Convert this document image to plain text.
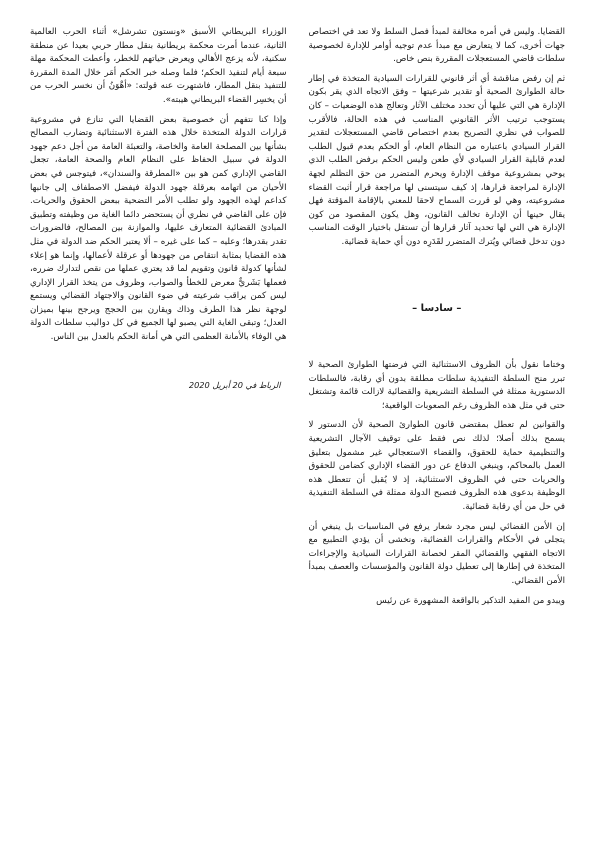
القضايا. وليس في أمره مخالفة لمبدأ فصل السلط ولا تعد في اختصاص جهات أخرى، كما لا يتعارض مع مبدأ عدم توجيه أوامر للإدارة لخصوصية سلطات قاضي المستعجلات المقررة بنص خاص.

ثم إن رفض مناقشة أي أثر قانوني للقرارات السيادية المتخذة في إطار حالة الطوارئ الصحية أو تقدير شرعيتها – وفق الاتجاه الذي يقر بكون الإدارة هي التي عليها أن تحدد مختلف الآثار وتعالج هذه الوضعيات – كان يستوجب ترتيب الأثر القانوني المناسب في هذه الحالة، فالأقرب للصواب في نظري التصريح بعدم اختصاص قاضي المستعجلات لتقدير القرار السيادي باعتباره من النظام العام، أو الحكم بعدم قبول الطلب لعدم قابلية القرار السيادي لأي طعن وليس الحكم برفض الطلب الذي يوحي بمشروعية موقف الإدارة ويحرم المتضرر من حق التظلم لجهة الإدارة لمراجعة قرارها، إذ كيف سيتسنى لها مراجعة قرار أثبت القضاء مشروعيته، وهي لو قررت السماح لاحقا للمعني بالإقامة المؤقتة فهل يقال حينها أن الإدارة تخالف القانون، وهل يكون المقصود من كون الإدارة هي التي لها تحديد آثار قرارها أن تستقل باختيار الوقت المناسب دون تدخل قضائي ويُترك المتضرر لقَدَرِه دون أي حماية قضائية.

– سادسا –

وختاما نقول بأن الظروف الاستثنائية التي فرضتها الطوارئ الصحية لا تبرر منح السلطة التنفيذية سلطات مطلقة بدون أي رقابة، فالسلطات الدستورية ممثلة في السلطة التشريعية والقضائية لازالت قائمة وتشتغل حتى في مثل هذه الظروف رغم الصعوبات الواقعية؛

والقوانين لم تعطل بمقتضى قانون الطوارئ الصحية لأن الدستور لا يسمح بذلك أصلا؛ لذلك نص فقط على توقيف الآجال التشريعية والتنظيمية حماية للحقوق، والقضاء الاستعجالي غير مشمول بتعليق العمل بالمحاكم، وينبغي الدفاع عن دور القضاء الإداري كضامن للحقوق والحريات حتى في الظروف الاستثنائية، إذ لا يُقبل أن تتعطل هذه الوظيفة بدعوى هذه الظروف فتصبح الدولة ممثلة في السلطة التنفيذية في حل من أي رقابة قضائية.

إن الأمن القضائي ليس مجرد شعار يرفع في المناسبات بل ينبغي أن يتجلى في الأحكام والقرارات القضائية، ونخشى أن يؤدي التطبيع مع الاتجاه الفقهي والقضائي المقر لحصانة القرارات السيادية والإجراءات المتخذة في إطارها إلى تعطيل دولة القانون والمؤسسات والعصف بمبدأ الأمن القضائي.

ويبدو من المفيد التذكير بالواقعة المشهورة عن رئيس

الوزراء البريطاني الأسبق «ونستون تشرشل» أثناء الحرب العالمية الثانية، عندما أمرت محكمة بريطانية بنقل مطار حربي بعيدا عن منطقة سكنية، لأنه يزعج الأهالي ويعرض حياتهم للخطر، وأعطت المحكمة مهلة سبعة أيام لتنفيذ الحكم؛ فلما وصله خبر الحكم أمَر خلال المدة المقررة للتنفيذ بنقل المطار، فاشتهرت عنه قولته: «أهْوَنُ أن نخسر الحرب من أن يخسِر القضاء البريطاني هيبته».

وإذا كنا نتفهم أن خصوصية بعض القضايا التي تنازع في مشروعية قرارات الدولة المتخذة خلال هذه الفترة الاستثنائية وتضارب المصالح بشأنها بين المصلحة العامة والخاصة، والتعبئة العامة من أجل دعم جهود الدولة في سبيل الحفاظ على النظام العام والصحة العامة، تجعل القاضي الإداري كمن هو بين «المطرقة والسندان»، فيتوجس في بعض الأحيان من اتهامه بعرقلة جهود الدولة فيفضل الاصطفاف إلى جانبها كداعم لهذه الجهود ولو تطلب الأمر التضحية ببعض الحقوق والحريات. فإن على القاضي في نظري أن يستحضر دائما الغاية من وظيفته وتطبيق المبادئ القضائية المتعارف عليها، والموازنة بين المصالح، فالضرورات تقدر بقدرها؛ وعليه – كما على غيره – ألا يعتبر الحكم ضد الدولة في مثل هذه القضايا بمثابة انتقاص من جهودها أو عرقلة لأعمالها، وإنما هو إعلاء لشأنها كدولة قانون وتقويم لما قد يعتري عملها من نقص لتدارك ضرره، فعملها بَشَريٌّ معرض للخطأ والصواب، وظروف من يتخذ القرار الإداري ليس كمن يراقب شرعيته في ضوء القانون والاجتهاد القضائي ويستمع لوجهة نظر هذا الطرف وذاك ويقارن بين الحجج ويرجح بينها بميزان العدل؛ وتبقى الغاية التي يصبو لها الجميع في كل دواليب سلطات الدولة هي الوفاء بالأمانة العظمى التي هي أمانة الحكم بالعدل بين الناس.

الرباط في 20 أبريل 2020
